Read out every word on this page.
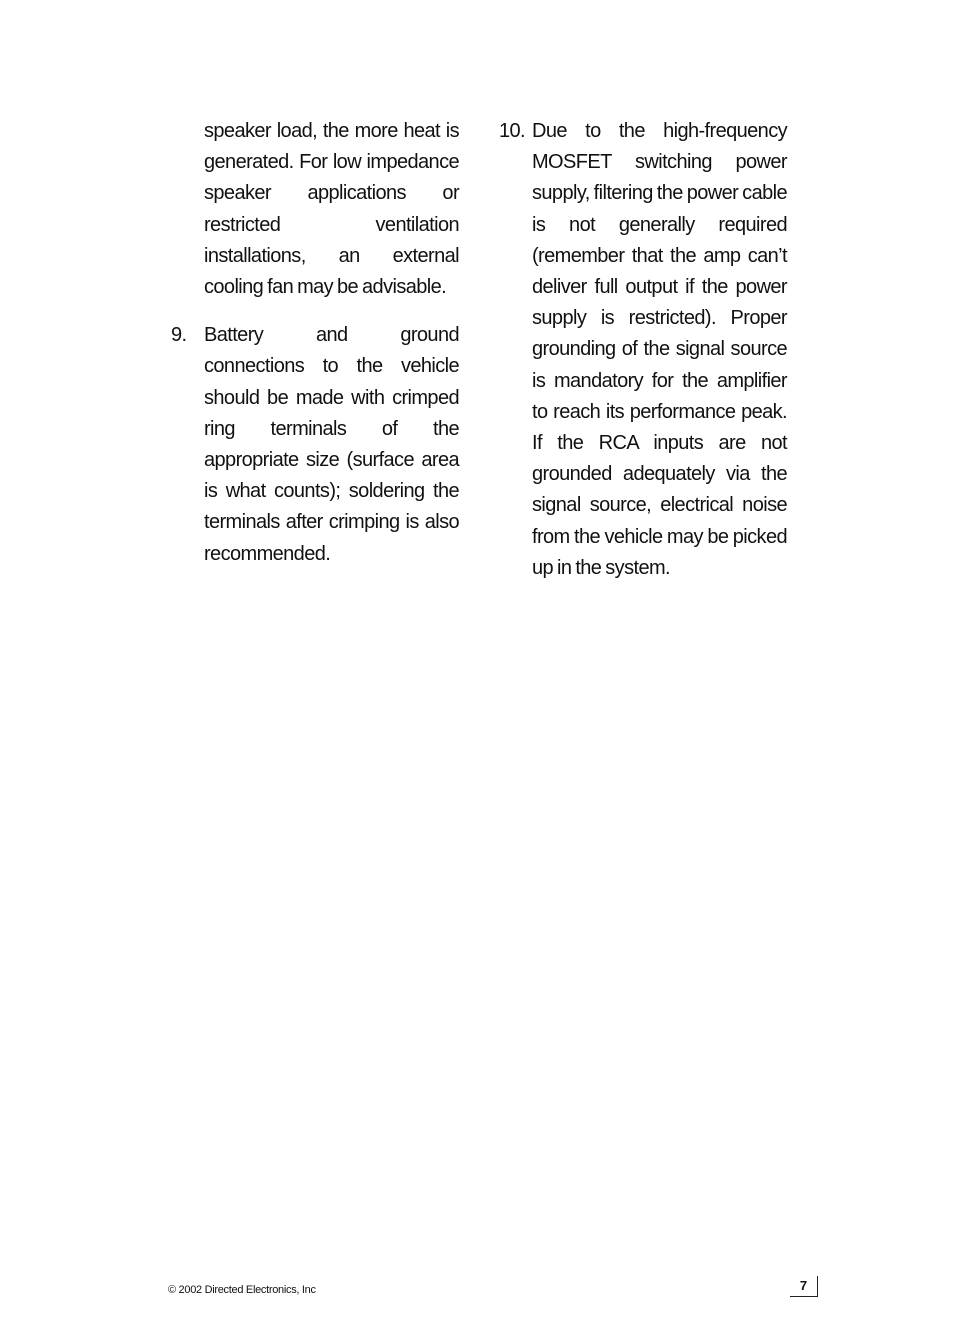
speaker load, the more heat is generated. For low impedance speaker applications or restricted ventilation installations, an external cooling fan may be advisable.

9. Battery and ground connections to the vehicle should be made with crimped ring terminals of the appropriate size (surface area is what counts); soldering the terminals after crimping is also recommended.
10. Due to the high-frequency MOSFET switching power supply, filtering the power cable is not generally required (remember that the amp can’t deliver full output if the power supply is restricted). Proper grounding of the signal source is mandatory for the amplifier to reach its performance peak. If the RCA inputs are not grounded adequately via the signal source, electrical noise from the vehicle may be picked up in the system.
© 2002 Directed Electronics, Inc	7
